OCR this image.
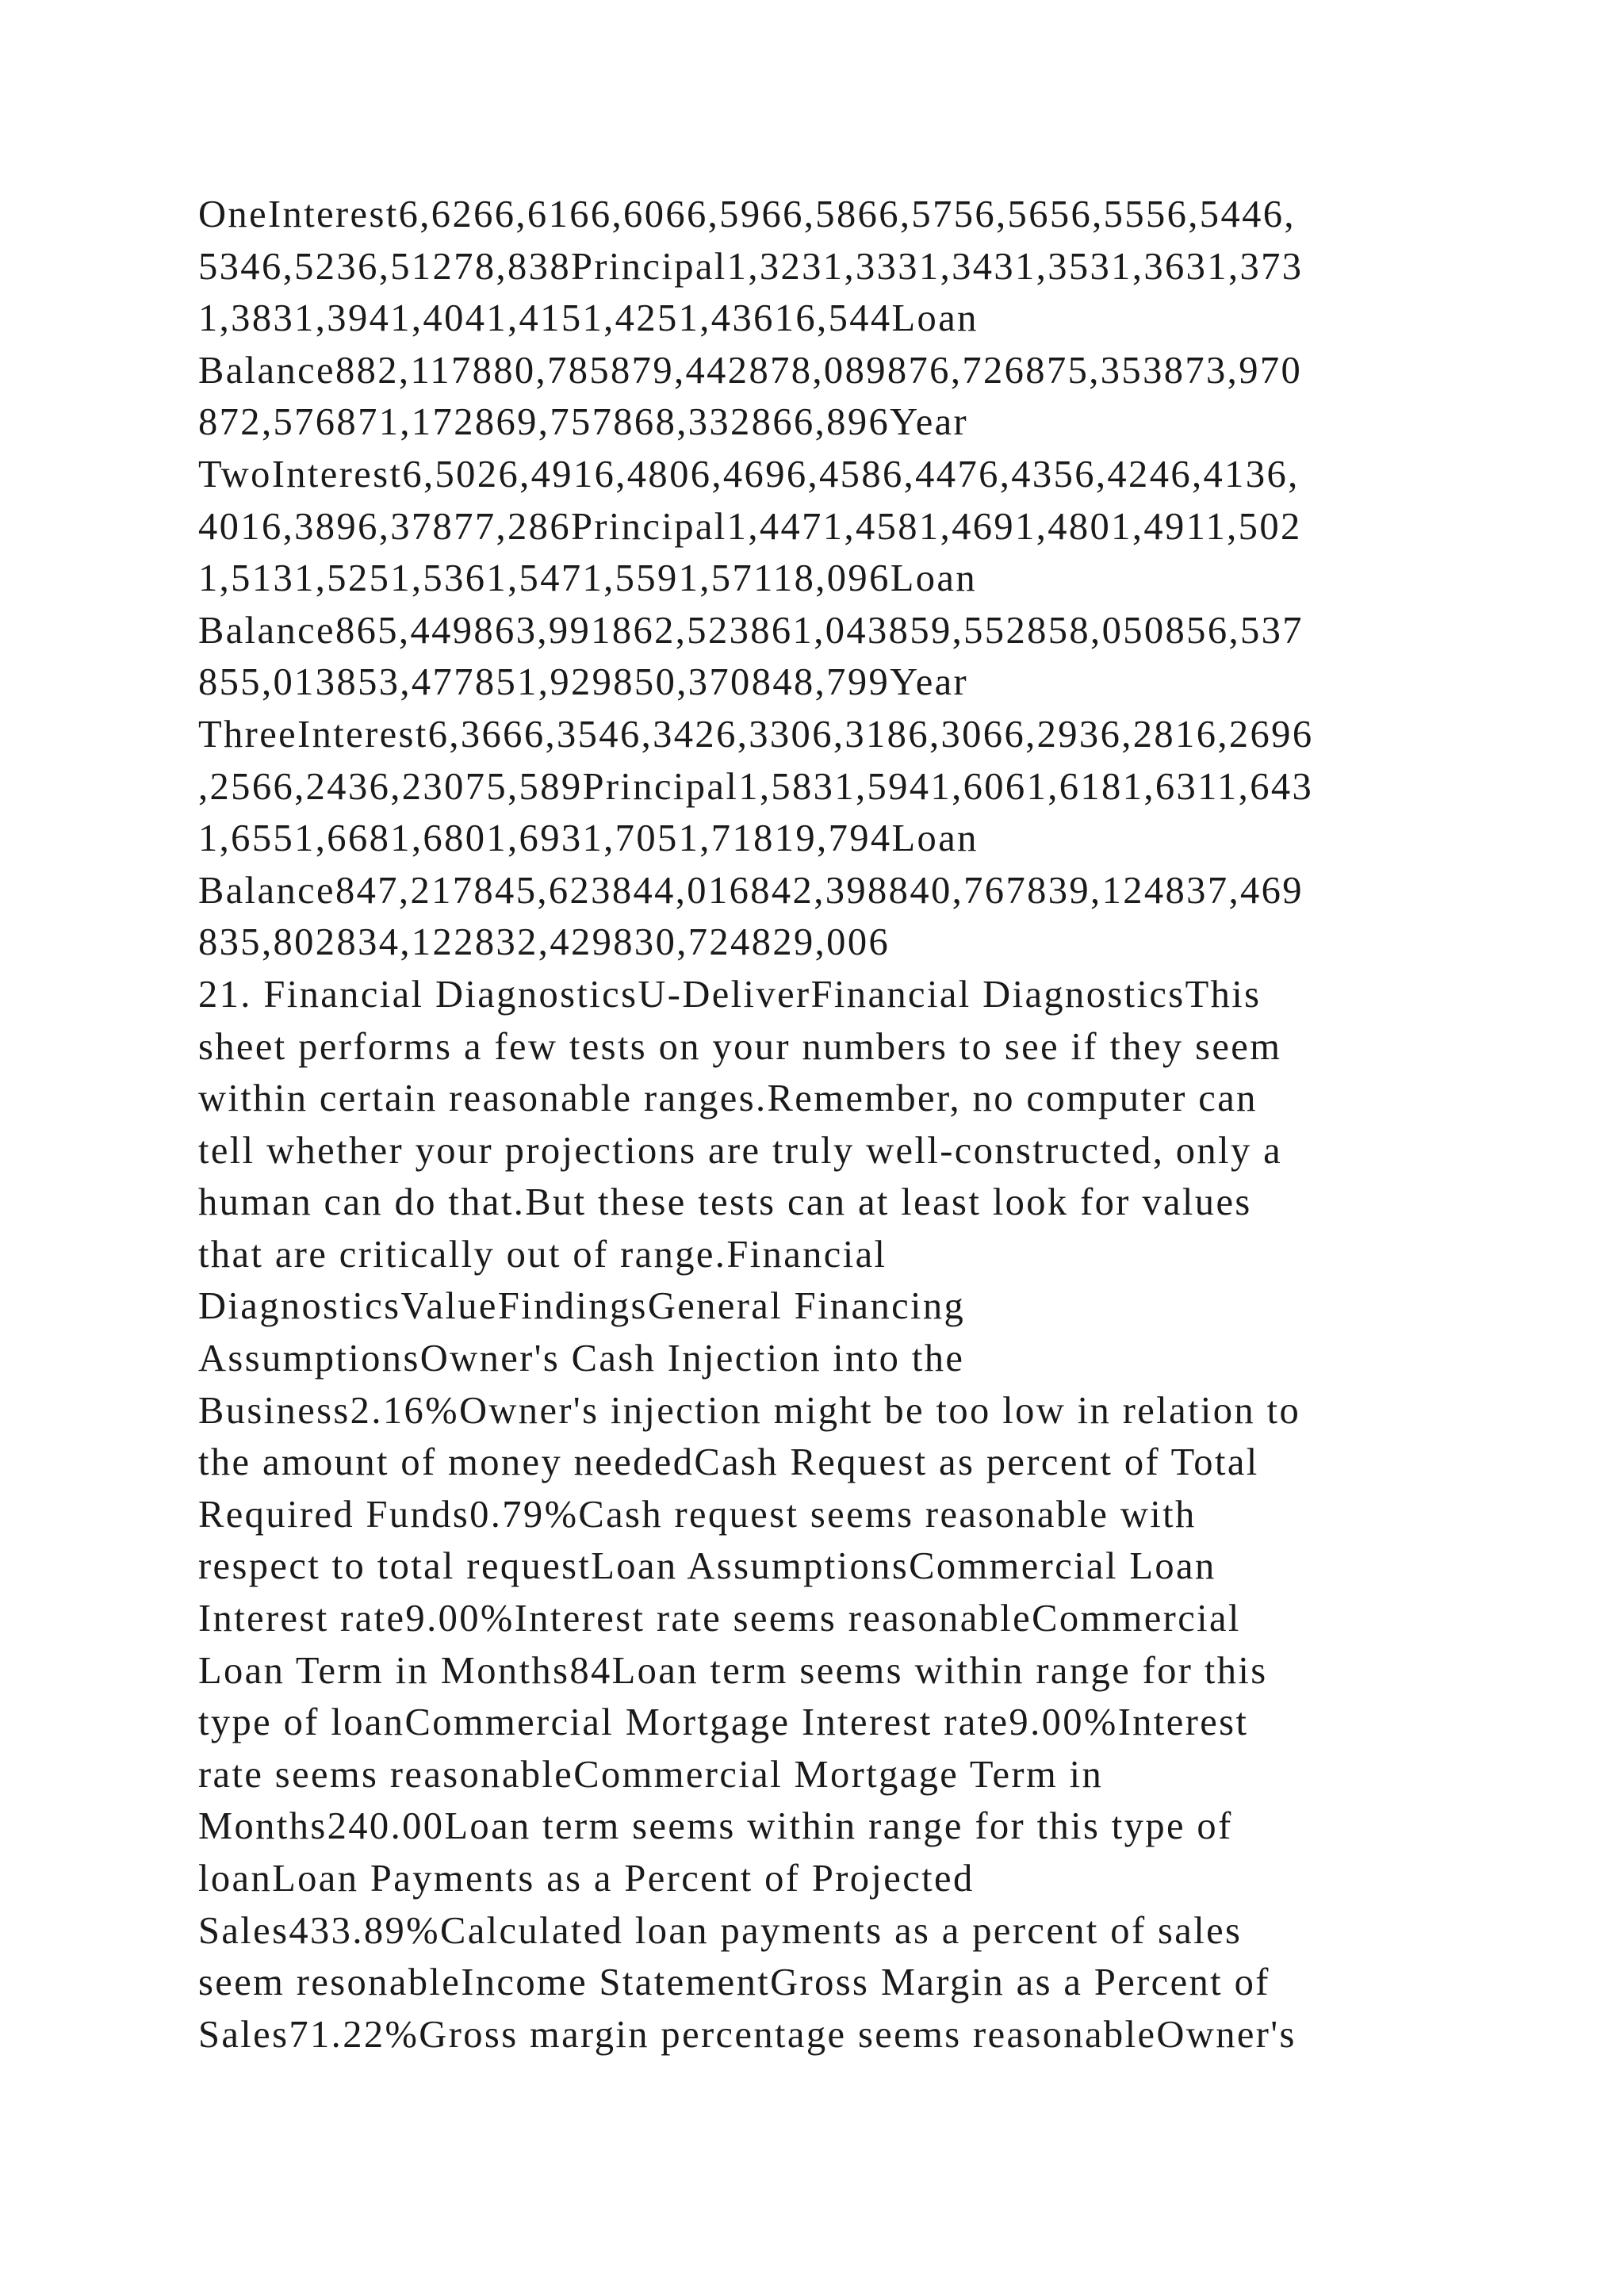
OneInterest6,6266,6166,6066,5966,5866,5756,5656,5556,5446,
5346,5236,51278,838Principal1,3231,3331,3431,3531,3631,373
1,3831,3941,4041,4151,4251,43616,544Loan
Balance882,117880,785879,442878,089876,726875,353873,970
872,576871,172869,757868,332866,896Year
TwoInterest6,5026,4916,4806,4696,4586,4476,4356,4246,4136,
4016,3896,37877,286Principal1,4471,4581,4691,4801,4911,502
1,5131,5251,5361,5471,5591,57118,096Loan
Balance865,449863,991862,523861,043859,552858,050856,537
855,013853,477851,929850,370848,799Year
ThreeInterest6,3666,3546,3426,3306,3186,3066,2936,2816,2696
,2566,2436,23075,589Principal1,5831,5941,6061,6181,6311,643
1,6551,6681,6801,6931,7051,71819,794Loan
Balance847,217845,623844,016842,398840,767839,124837,469
835,802834,122832,429830,724829,006
21. Financial DiagnosticsU-DeliverFinancial DiagnosticsThis
sheet performs a few tests on your numbers to see if they seem
within certain reasonable ranges.Remember, no computer can
tell whether your projections are truly well-constructed, only a
human can do that.But these tests can at least look for values
that are critically out of range.Financial
DiagnosticsValueFindingsGeneral Financing
AssumptionsOwner's Cash Injection into the
Business2.16%Owner's injection might be too low in relation to
the amount of money neededCash Request as percent of Total
Required Funds0.79%Cash request seems reasonable with
respect to total requestLoan AssumptionsCommercial Loan
Interest rate9.00%Interest rate seems reasonableCommercial
Loan Term in Months84Loan term seems within range for this
type of loanCommercial Mortgage Interest rate9.00%Interest
rate seems reasonableCommercial Mortgage Term in
Months240.00Loan term seems within range for this type of
loanLoan Payments as a Percent of Projected
Sales433.89%Calculated loan payments as a percent of sales
seem resonableIncome StatementGross Margin as a Percent of
Sales71.22%Gross margin percentage seems reasonableOwner's
